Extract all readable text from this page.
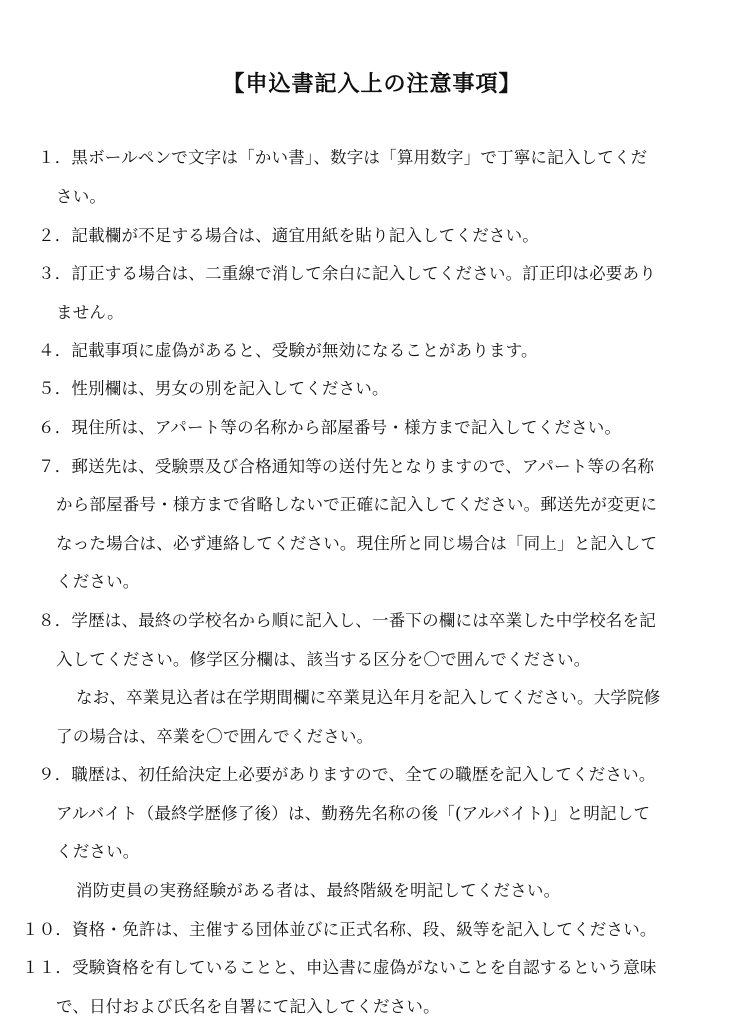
【申込書記入上の注意事項】
１．黒ボールペンで文字は「かい書」、数字は「算用数字」で丁寧に記入してくだ
さい。
２．記載欄が不足する場合は、適宜用紙を貼り記入してください。
３．訂正する場合は、二重線で消して余白に記入してください。訂正印は必要あり
ません。
４．記載事項に虚偽があると、受験が無効になることがあります。
５．性別欄は、男女の別を記入してください。
６．現住所は、アパート等の名称から部屋番号・様方まで記入してください。
７．郵送先は、受験票及び合格通知等の送付先となりますので、アパート等の名称
から部屋番号・様方まで省略しないで正確に記入してください。郵送先が変更に
なった場合は、必ず連絡してください。現住所と同じ場合は「同上」と記入して
ください。
８．学歴は、最終の学校名から順に記入し、一番下の欄には卒業した中学校名を記
入してください。修学区分欄は、該当する区分を〇で囲んでください。
なお、卒業見込者は在学期間欄に卒業見込年月を記入してください。大学院修
了の場合は、卒業を〇で囲んでください。
９．職歴は、初任給決定上必要がありますので、全ての職歴を記入してください。
アルバイト（最終学歴修了後）は、勤務先名称の後「(アルバイト)」と明記して
ください。
消防吏員の実務経験がある者は、最終階級を明記してください。
１０．資格・免許は、主催する団体並びに正式名称、段、級等を記入してください。
１１．受験資格を有していることと、申込書に虚偽がないことを自認するという意味
で、日付および氏名を自署にて記入してください。
